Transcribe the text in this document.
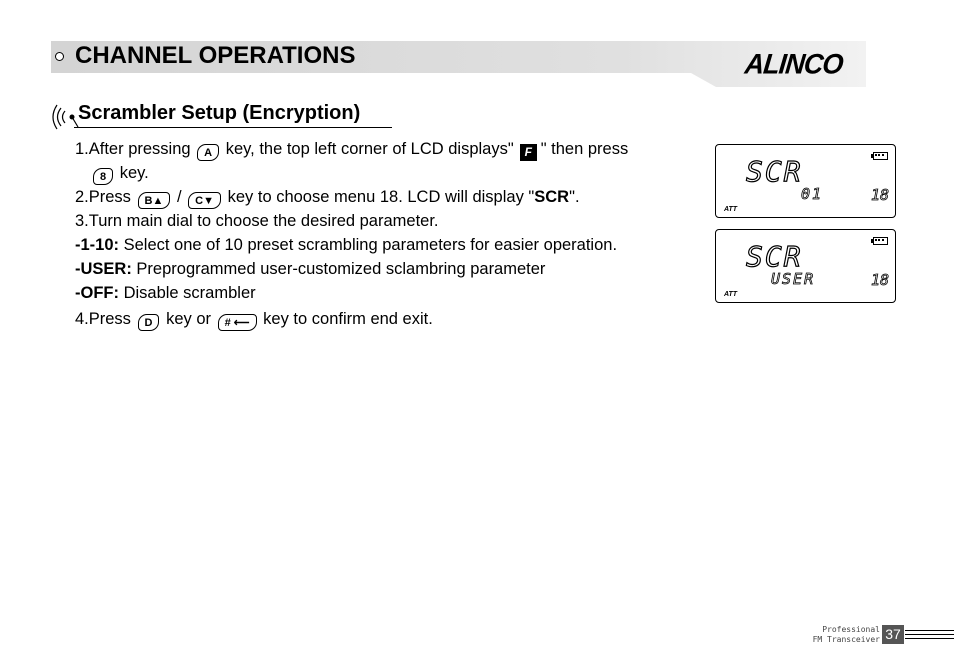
CHANNEL OPERATIONS	ALINCO
Scrambler Setup (Encryption)
1.After pressing A key, the top left corner of LCD displays" F " then press
8 key.
2.Press B▲ / C▼ key to choose menu 18. LCD will display "SCR".
3.Turn main dial to choose the desired parameter.
-1-10: Select one of 10 preset scrambling parameters for easier operation.
-USER: Preprogrammed user-customized sclambring parameter
-OFF: Disable scrambler
4.Press D key or # ⟵ key to confirm end exit.
SCR
01	18
ATT
SCR
USER	18
ATT
Professional
FM Transceiver 37
